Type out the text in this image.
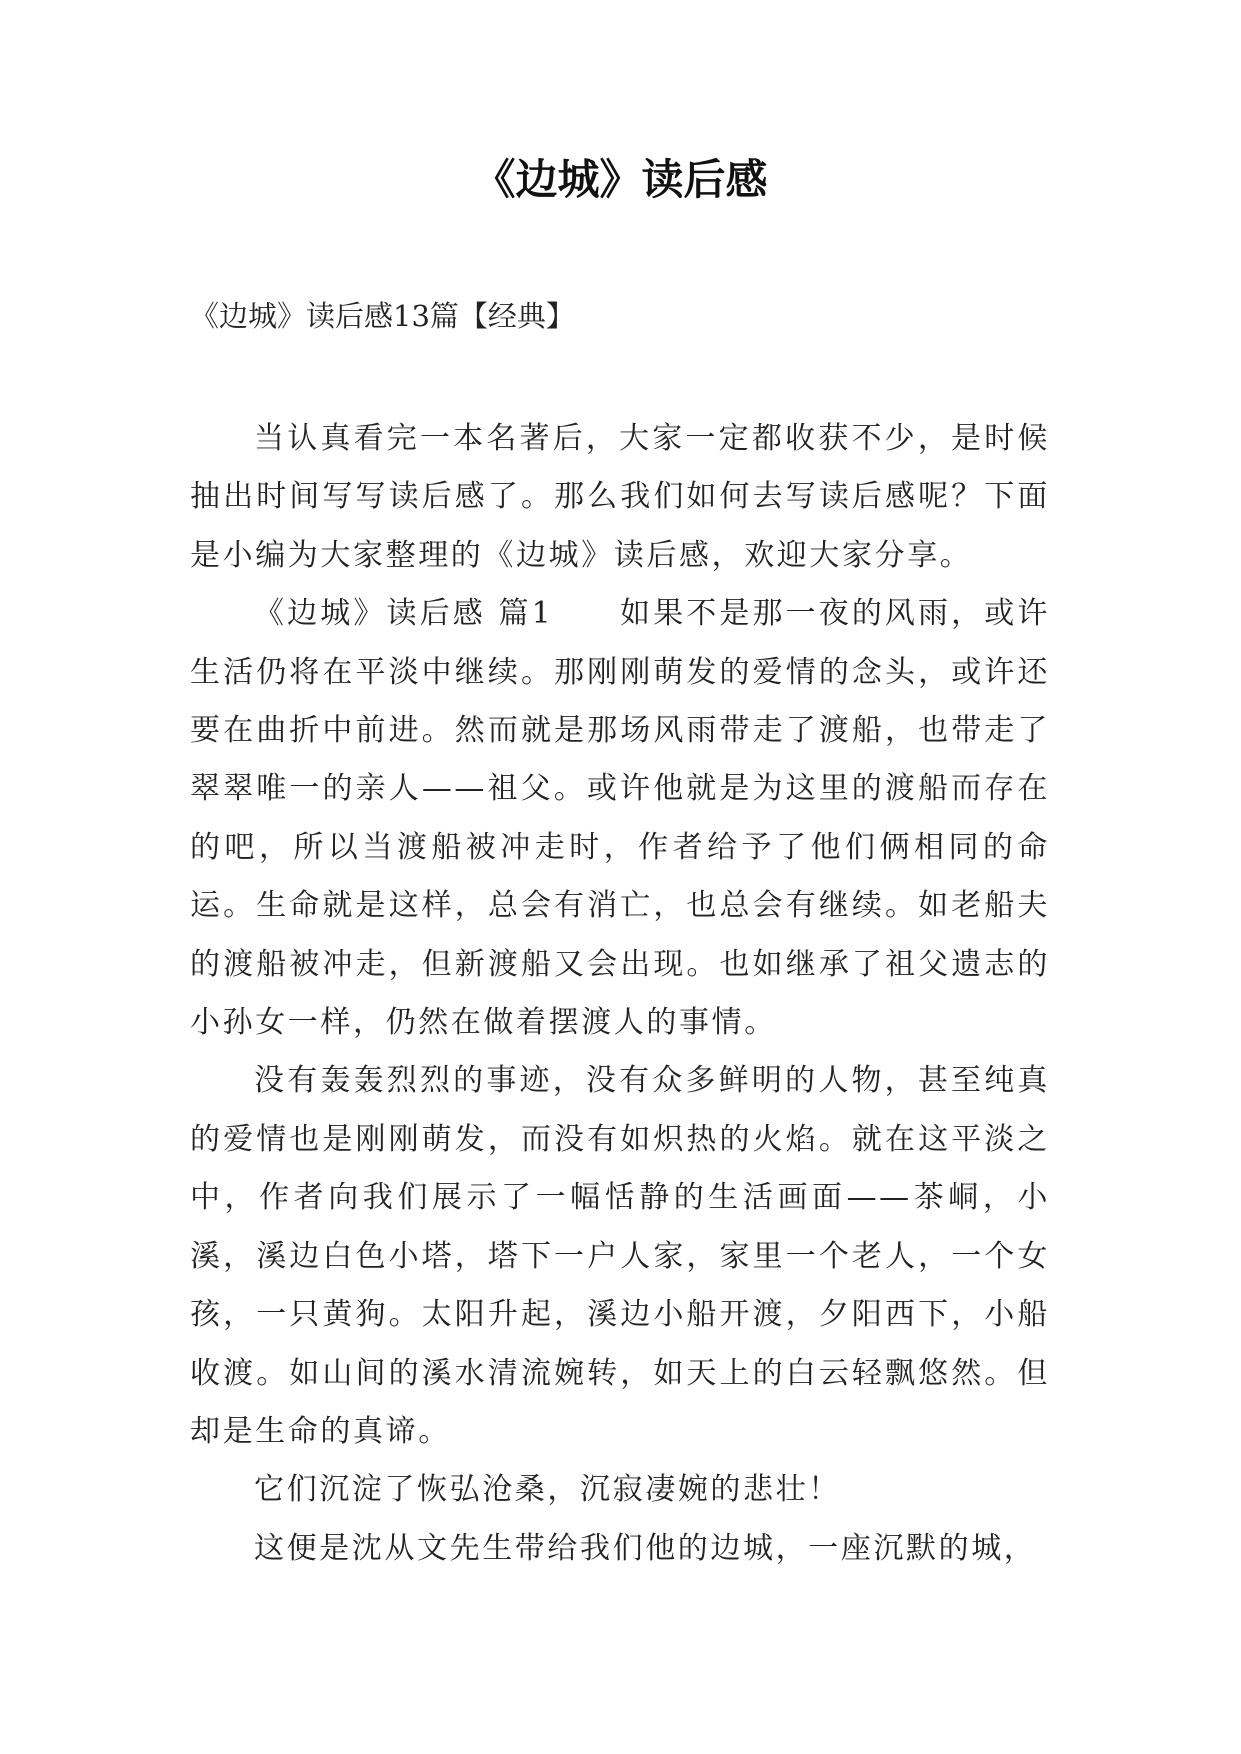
《边城》读后感

《边城》读后感13篇【经典】

当认真看完一本名著后，大家一定都收获不少，是时候抽出时间写写读后感了。那么我们如何去写读后感呢？下面是小编为大家整理的《边城》读后感，欢迎大家分享。

《边城》读后感 篇1　　如果不是那一夜的风雨，或许生活仍将在平淡中继续。那刚刚萌发的爱情的念头，或许还要在曲折中前进。然而就是那场风雨带走了渡船，也带走了翠翠唯一的亲人——祖父。或许他就是为这里的渡船而存在的吧，所以当渡船被冲走时，作者给予了他们俩相同的命运。生命就是这样，总会有消亡，也总会有继续。如老船夫的渡船被冲走，但新渡船又会出现。也如继承了祖父遗志的小孙女一样，仍然在做着摆渡人的事情。

没有轰轰烈烈的事迹，没有众多鲜明的人物，甚至纯真的爱情也是刚刚萌发，而没有如炽热的火焰。就在这平淡之中，作者向我们展示了一幅恬静的生活画面——茶峒，小溪，溪边白色小塔，塔下一户人家，家里一个老人，一个女孩，一只黄狗。太阳升起，溪边小船开渡，夕阳西下，小船收渡。如山间的溪水清流婉转，如天上的白云轻飘悠然。但却是生命的真谛。

它们沉淀了恢弘沧桑，沉寂凄婉的悲壮！

这便是沈从文先生带给我们他的边城，一座沉默的城，
